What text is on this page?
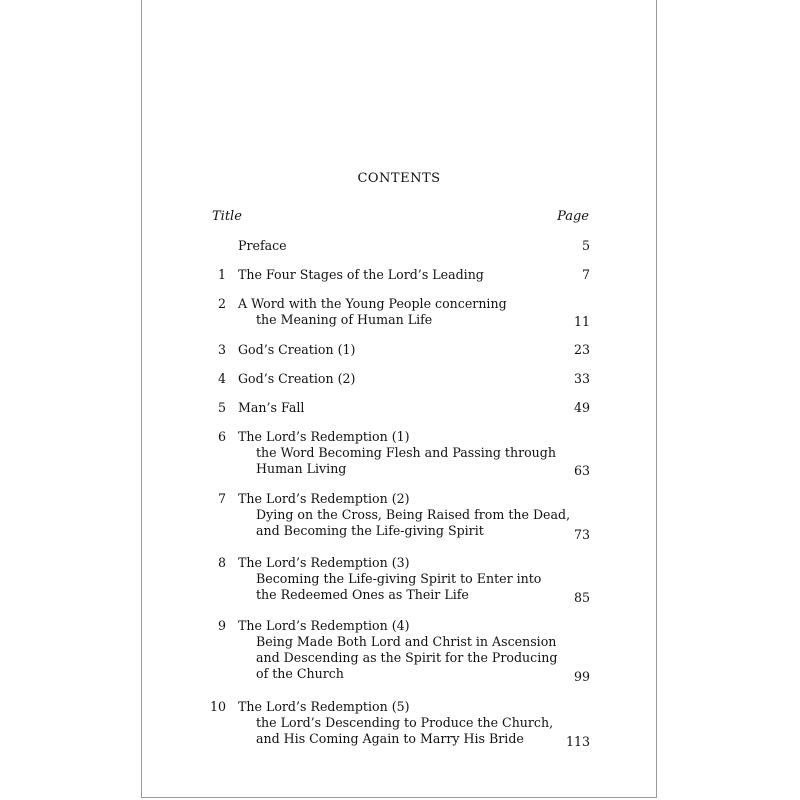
CONTENTS
Title	Page
Preface	5
1 The Four Stages of the Lord’s Leading	7
2 A Word with the Young People concerning
the Meaning of Human Life	11
3 God’s Creation (1)	23
4 God’s Creation (2)	33
5 Man’s Fall	49
6 The Lord’s Redemption (1)
the Word Becoming Flesh and Passing through
Human Living	63
7 The Lord’s Redemption (2)
Dying on the Cross, Being Raised from the Dead,
and Becoming the Life-giving Spirit	73
8 The Lord’s Redemption (3)
Becoming the Life-giving Spirit to Enter into
the Redeemed Ones as Their Life	85
9 The Lord’s Redemption (4)
Being Made Both Lord and Christ in Ascension
and Descending as the Spirit for the Producing
of the Church	99
10 The Lord’s Redemption (5)
the Lord’s Descending to Produce the Church,
and His Coming Again to Marry His Bride	113
